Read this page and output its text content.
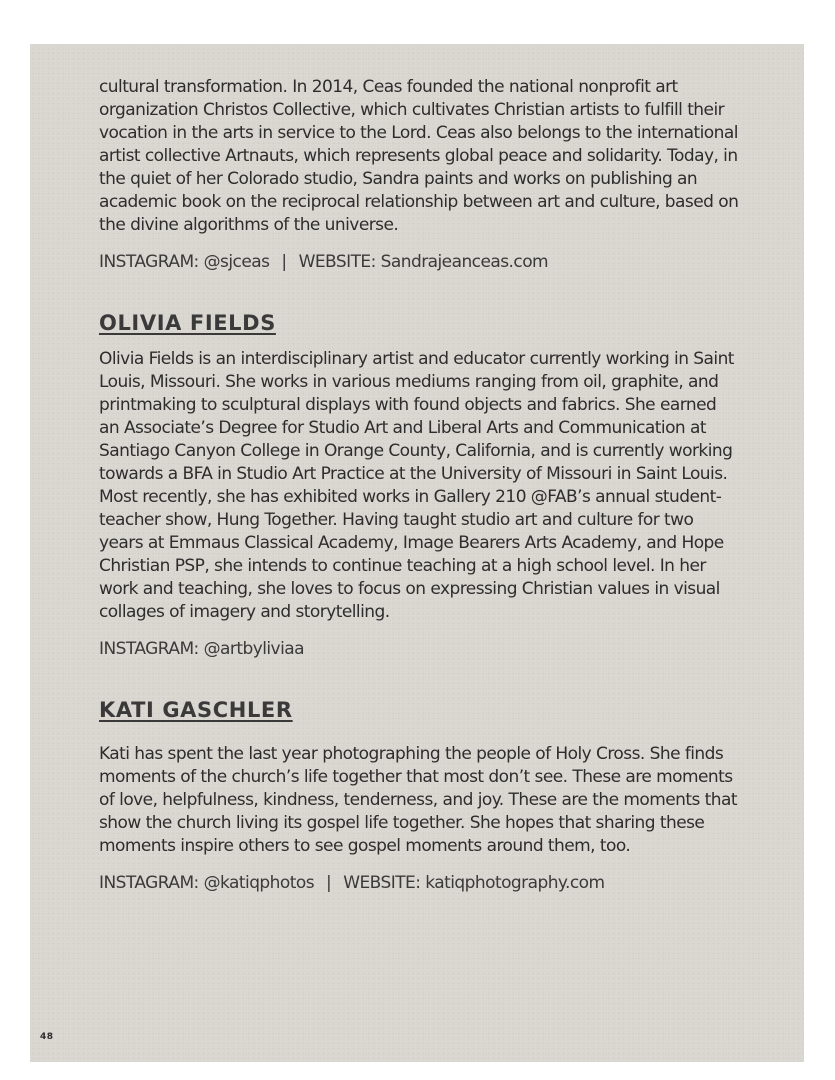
cultural transformation. In 2014, Ceas founded the national nonprofit art organization Christos Collective, which cultivates Christian artists to fulfill their vocation in the arts in service to the Lord. Ceas also belongs to the international artist collective Artnauts, which represents global peace and solidarity. Today, in the quiet of her Colorado studio, Sandra paints and works on publishing an academic book on the reciprocal relationship between art and culture, based on the divine algorithms of the universe.

INSTAGRAM: @sjceas | WEBSITE: Sandrajeanceas.com
OLIVIA FIELDS

Olivia Fields is an interdisciplinary artist and educator currently working in Saint Louis, Missouri. She works in various mediums ranging from oil, graphite, and printmaking to sculptural displays with found objects and fabrics. She earned an Associate’s Degree for Studio Art and Liberal Arts and Communication at Santiago Canyon College in Orange County, California, and is currently working towards a BFA in Studio Art Practice at the University of Missouri in Saint Louis. Most recently, she has exhibited works in Gallery 210 @FAB’s annual student-teacher show, Hung Together. Having taught studio art and culture for two years at Emmaus Classical Academy, Image Bearers Arts Academy, and Hope Christian PSP, she intends to continue teaching at a high school level. In her work and teaching, she loves to focus on expressing Christian values in visual collages of imagery and storytelling.

INSTAGRAM: @artbyliviaa
KATI GASCHLER

Kati has spent the last year photographing the people of Holy Cross. She finds moments of the church’s life together that most don’t see. These are moments of love, helpfulness, kindness, tenderness, and joy. These are the moments that show the church living its gospel life together. She hopes that sharing these moments inspire others to see gospel moments around them, too.

INSTAGRAM: @katiqphotos | WEBSITE: katiqphotography.com
48
